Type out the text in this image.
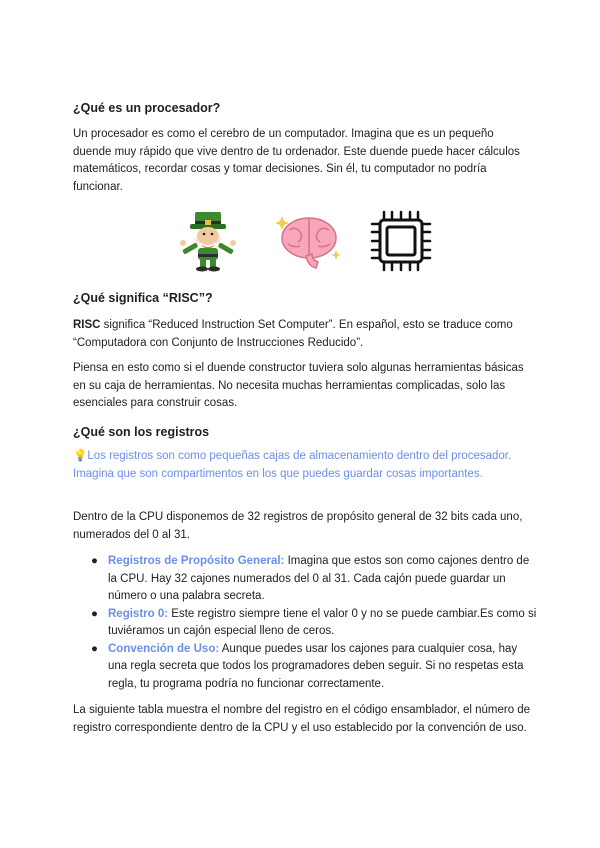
¿Qué es un procesador?
Un procesador es como el cerebro de un computador. Imagina que es un pequeño duende muy rápido que vive dentro de tu ordenador. Este duende puede hacer cálculos matemáticos, recordar cosas y tomar decisiones. Sin él, tu computador no podría funcionar.
¿Qué significa “RISC”?
RISC significa “Reduced Instruction Set Computer”. En español, esto se traduce como “Computadora con Conjunto de Instrucciones Reducido”.
Piensa en esto como si el duende constructor tuviera solo algunas herramientas básicas en su caja de herramientas. No necesita muchas herramientas complicadas, solo las esenciales para construir cosas.
¿Qué son los registros
💡Los registros son como pequeñas cajas de almacenamiento dentro del procesador. Imagina que son compartimentos en los que puedes guardar cosas importantes.
Dentro de la CPU disponemos de 32 registros de propósito general de 32 bits cada uno, numerados del 0 al 31.
● Registros de Propósito General: Imagina que estos son como cajones dentro de la CPU. Hay 32 cajones numerados del 0 al 31. Cada cajón puede guardar un número o una palabra secreta.
● Registro 0: Este registro siempre tiene el valor 0 y no se puede cambiar.Es como si tuviéramos un cajón especial lleno de ceros.
● Convención de Uso: Aunque puedes usar los cajones para cualquier cosa, hay una regla secreta que todos los programadores deben seguir. Si no respetas esta regla, tu programa podría no funcionar correctamente.
La siguiente tabla muestra el nombre del registro en el código ensamblador, el número de registro correspondiente dentro de la CPU y el uso establecido por la convención de uso.
